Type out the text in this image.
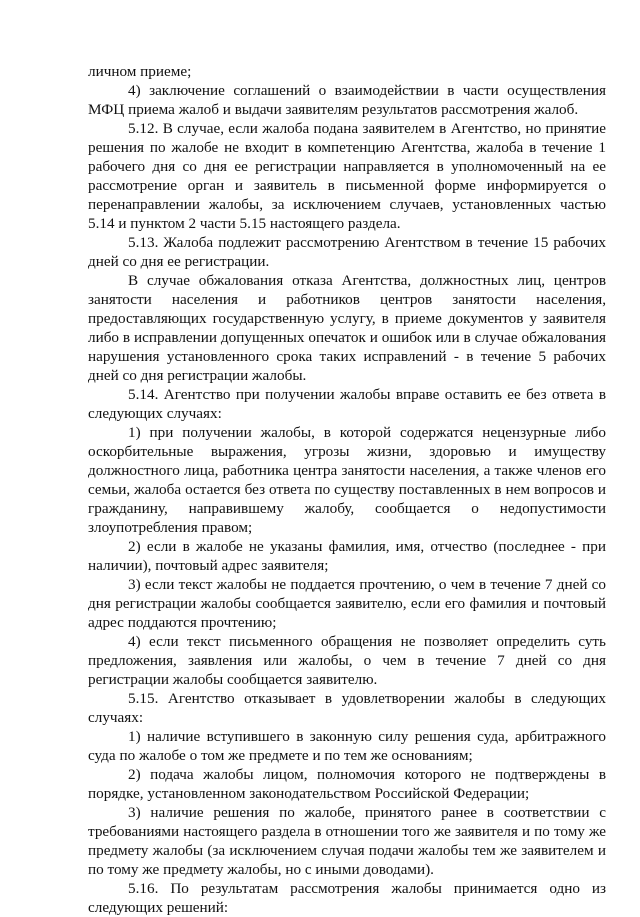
личном приеме;

4) заключение соглашений о взаимодействии в части осуществления МФЦ приема жалоб и выдачи заявителям результатов рассмотрения жалоб.

5.12. В случае, если жалоба подана заявителем в Агентство, но принятие решения по жалобе не входит в компетенцию Агентства, жалоба в течение 1 рабочего дня со дня ее регистрации направляется в уполномоченный на ее рассмотрение орган и заявитель в письменной форме информируется о перенаправлении жалобы, за исключением случаев, установленных частью 5.14 и пунктом 2 части 5.15 настоящего раздела.

5.13. Жалоба подлежит рассмотрению Агентством в течение 15 рабочих дней со дня ее регистрации.

В случае обжалования отказа Агентства, должностных лиц, центров занятости населения и работников центров занятости населения, предоставляющих государственную услугу, в приеме документов у заявителя либо в исправлении допущенных опечаток и ошибок или в случае обжалования нарушения установленного срока таких исправлений - в течение 5 рабочих дней со дня регистрации жалобы.

5.14. Агентство при получении жалобы вправе оставить ее без ответа в следующих случаях:

1) при получении жалобы, в которой содержатся нецензурные либо оскорбительные выражения, угрозы жизни, здоровью и имуществу должностного лица, работника центра занятости населения, а также членов его семьи, жалоба остается без ответа по существу поставленных в нем вопросов и гражданину, направившему жалобу, сообщается о недопустимости злоупотребления правом;

2) если в жалобе не указаны фамилия, имя, отчество (последнее - при наличии), почтовый адрес заявителя;

3) если текст жалобы не поддается прочтению, о чем в течение 7 дней со дня регистрации жалобы сообщается заявителю, если его фамилия и почтовый адрес поддаются прочтению;

4) если текст письменного обращения не позволяет определить суть предложения, заявления или жалобы, о чем в течение 7 дней со дня регистрации жалобы сообщается заявителю.

5.15. Агентство отказывает в удовлетворении жалобы в следующих случаях:

1) наличие вступившего в законную силу решения суда, арбитражного суда по жалобе о том же предмете и по тем же основаниям;

2) подача жалобы лицом, полномочия которого не подтверждены в порядке, установленном законодательством Российской Федерации;

3) наличие решения по жалобе, принятого ранее в соответствии с требованиями настоящего раздела в отношении того же заявителя и по тому же предмету жалобы (за исключением случая подачи жалобы тем же заявителем и по тому же предмету жалобы, но с иными доводами).

5.16. По результатам рассмотрения жалобы принимается одно из следующих решений:
